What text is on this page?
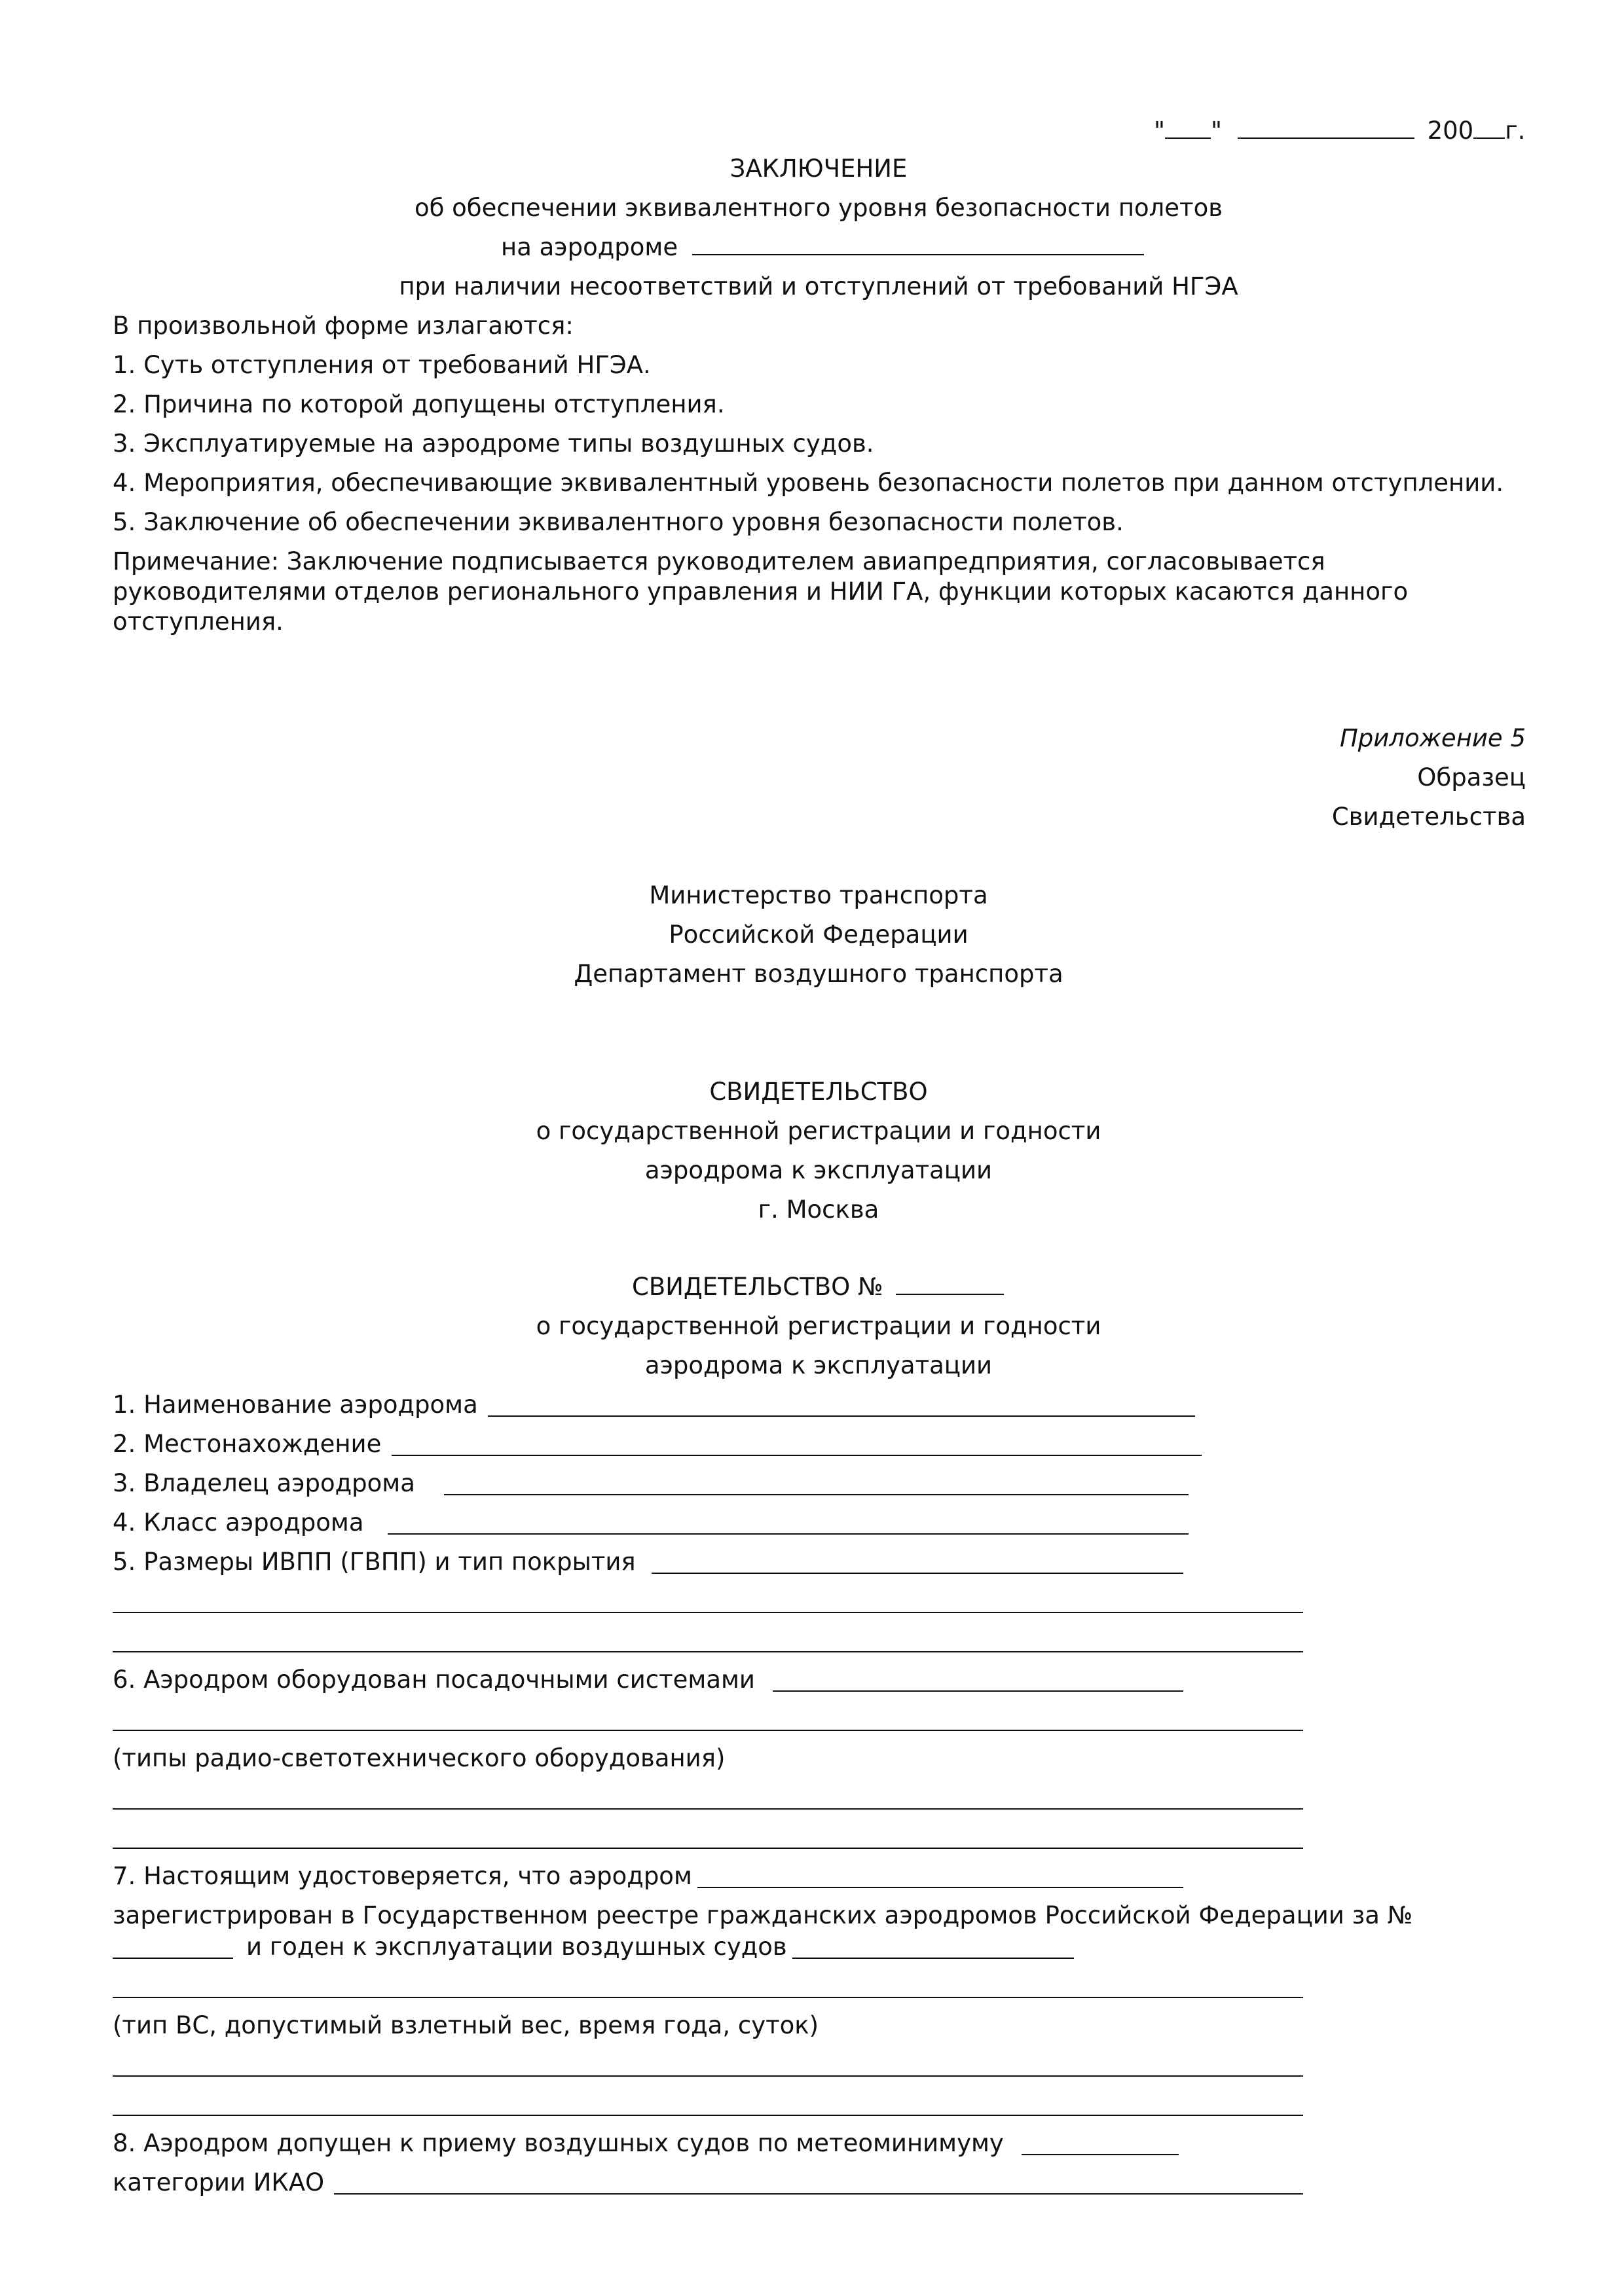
" "	200 г.
ЗАКЛЮЧЕНИЕ
об обеспечении эквивалентного уровня безопасности полетов
на аэродроме
при наличии несоответствий и отступлений от требований НГЭА
В произвольной форме излагаются:
1. Суть отступления от требований НГЭА.
2. Причина по которой допущены отступления.
3. Эксплуатируемые на аэродроме типы воздушных судов.
4. Мероприятия, обеспечивающие эквивалентный уровень безопасности полетов при данном отступлении.
5. Заключение об обеспечении эквивалентного уровня безопасности полетов.
Примечание: Заключение подписывается руководителем авиапредприятия, согласовывается
руководителями отделов регионального управления и НИИ ГА, функции которых касаются данного
отступления.
Приложение 5
Образец
Свидетельства
Министерство транспорта
Российской Федерации
Департамент воздушного транспорта
СВИДЕТЕЛЬСТВО
о государственной регистрации и годности
аэродрома к эксплуатации
г. Москва
СВИДЕТЕЛЬСТВО №
о государственной регистрации и годности
аэродрома к эксплуатации
1. Наименование аэродрома
2. Местонахождение
3. Владелец аэродрома
4. Класс аэродрома
5. Размеры ИВПП (ГВПП) и тип покрытия
6. Аэродром оборудован посадочными системами
(типы радио-светотехнического оборудования)
7. Настоящим удостоверяется, что аэродром
зарегистрирован в Государственном реестре гражданских аэродромов Российской Федерации за №
и годен к эксплуатации воздушных судов
(тип ВС, допустимый взлетный вес, время года, суток)
8. Аэродром допущен к приему воздушных судов по метеоминимуму
категории ИКАО
